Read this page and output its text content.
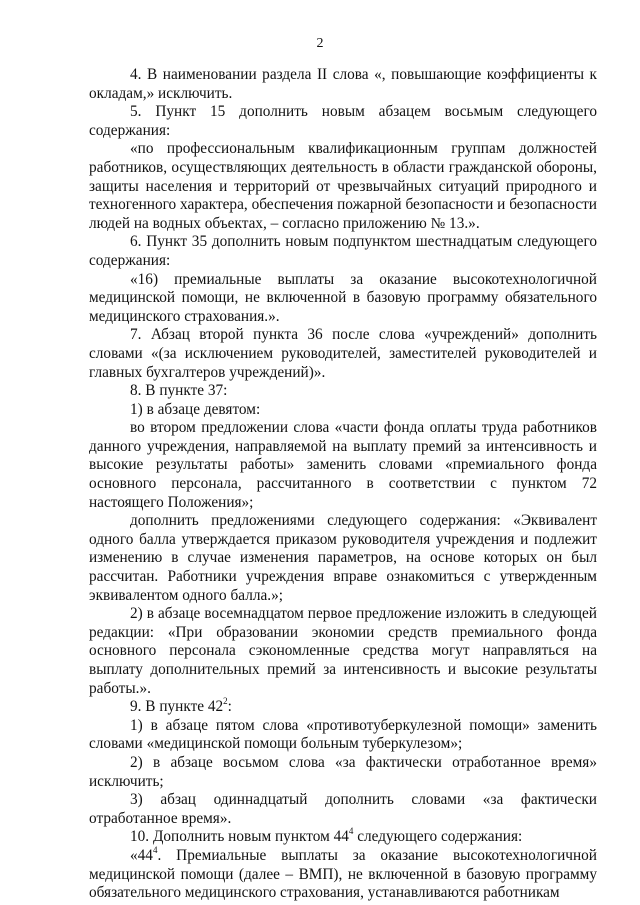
2

4. В наименовании раздела II слова «, повышающие коэффициенты к окладам,» исключить.

5. Пункт 15 дополнить новым абзацем восьмым следующего содержания:

«по профессиональным квалификационным группам должностей работников, осуществляющих деятельность в области гражданской обороны, защиты населения и территорий от чрезвычайных ситуаций природного и техногенного характера, обеспечения пожарной безопасности и безопасности людей на водных объектах, – согласно приложению № 13.».

6. Пункт 35 дополнить новым подпунктом шестнадцатым следующего содержания:

«16) премиальные выплаты за оказание высокотехнологичной медицинской помощи, не включенной в базовую программу обязательного медицинского страхования.».

7. Абзац второй пункта 36 после слова «учреждений» дополнить словами «(за исключением руководителей, заместителей руководителей и главных бухгалтеров учреждений)».

8. В пункте 37:

1) в абзаце девятом:

во втором предложении слова «части фонда оплаты труда работников данного учреждения, направляемой на выплату премий за интенсивность и высокие результаты работы» заменить словами «премиального фонда основного персонала, рассчитанного в соответствии с пунктом 72 настоящего Положения»;

дополнить предложениями следующего содержания: «Эквивалент одного балла утверждается приказом руководителя учреждения и подлежит изменению в случае изменения параметров, на основе которых он был рассчитан. Работники учреждения вправе ознакомиться с утвержденным эквивалентом одного балла.»;

2) в абзаце восемнадцатом первое предложение изложить в следующей редакции: «При образовании экономии средств премиального фонда основного персонала сэкономленные средства могут направляться на выплату дополнительных премий за интенсивность и высокие результаты работы.».

9. В пункте $42^2$:

1) в абзаце пятом слова «противотуберкулезной помощи» заменить словами «медицинской помощи больным туберкулезом»;

2) в абзаце восьмом слова «за фактически отработанное время» исключить;

3) абзац одиннадцатый дополнить словами «за фактически отработанное время».

10. Дополнить новым пунктом $44^4$ следующего содержания:

«$44^4$. Премиальные выплаты за оказание высокотехнологичной медицинской помощи (далее – ВМП), не включенной в базовую программу обязательного медицинского страхования, устанавливаются работникам
